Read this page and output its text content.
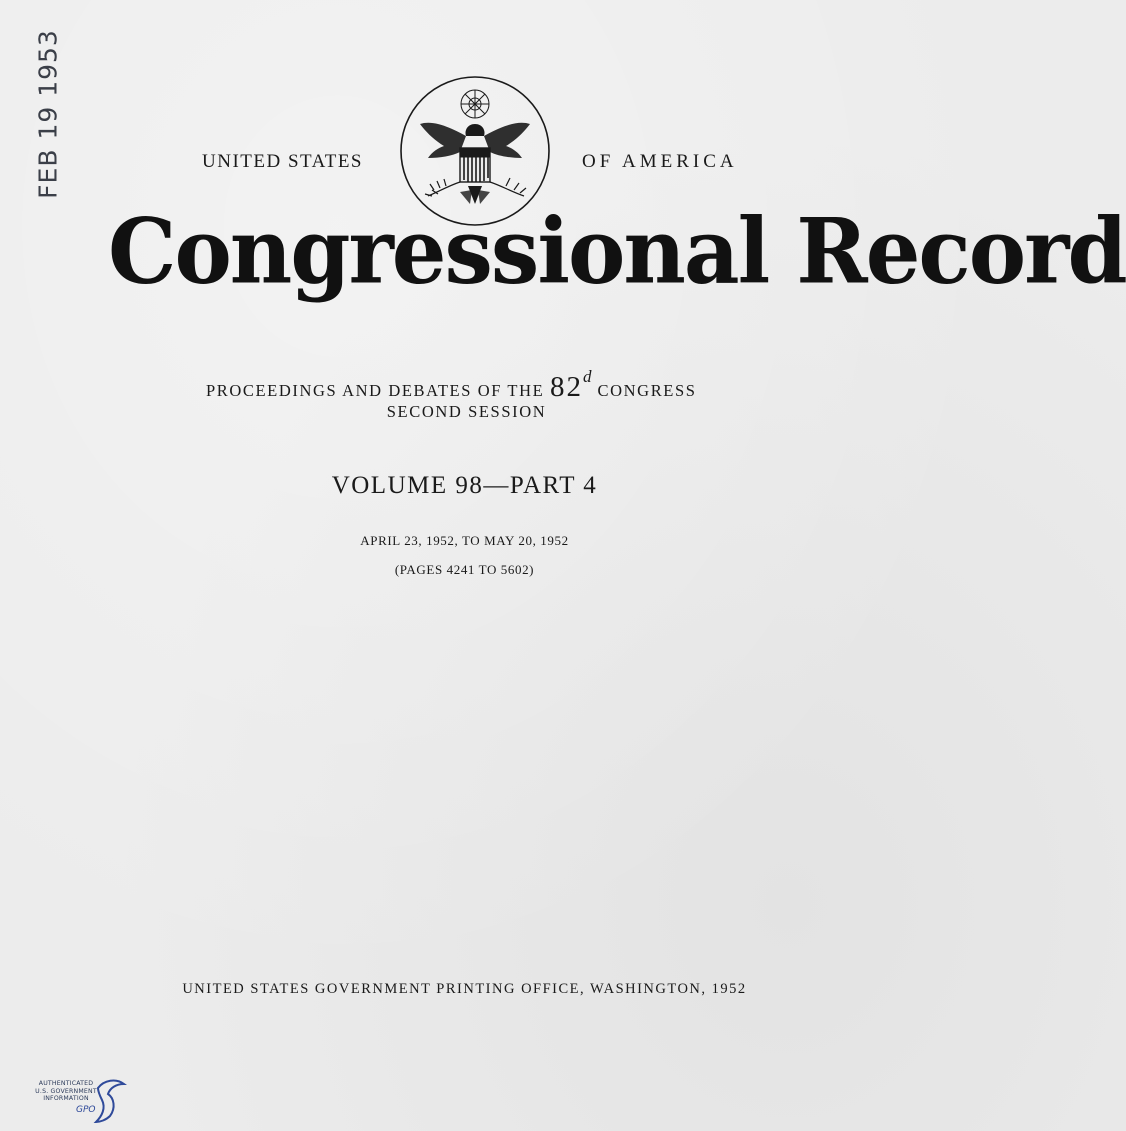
FEB 19 1953	UNITED STATES	OF AMERICA
Congressional Record
PROCEEDINGS AND DEBATES OF THE 82dCONGRESS
SECOND SESSION
VOLUME 98—PART 4
APRIL 23, 1952, TO MAY 20, 1952
(PAGES 4241 TO 5602)
UNITED STATES GOVERNMENT PRINTING OFFICE, WASHINGTON, 1952
AUTHENTICATED
U.S. GOVERNMENT
INFORMATION
GPO
